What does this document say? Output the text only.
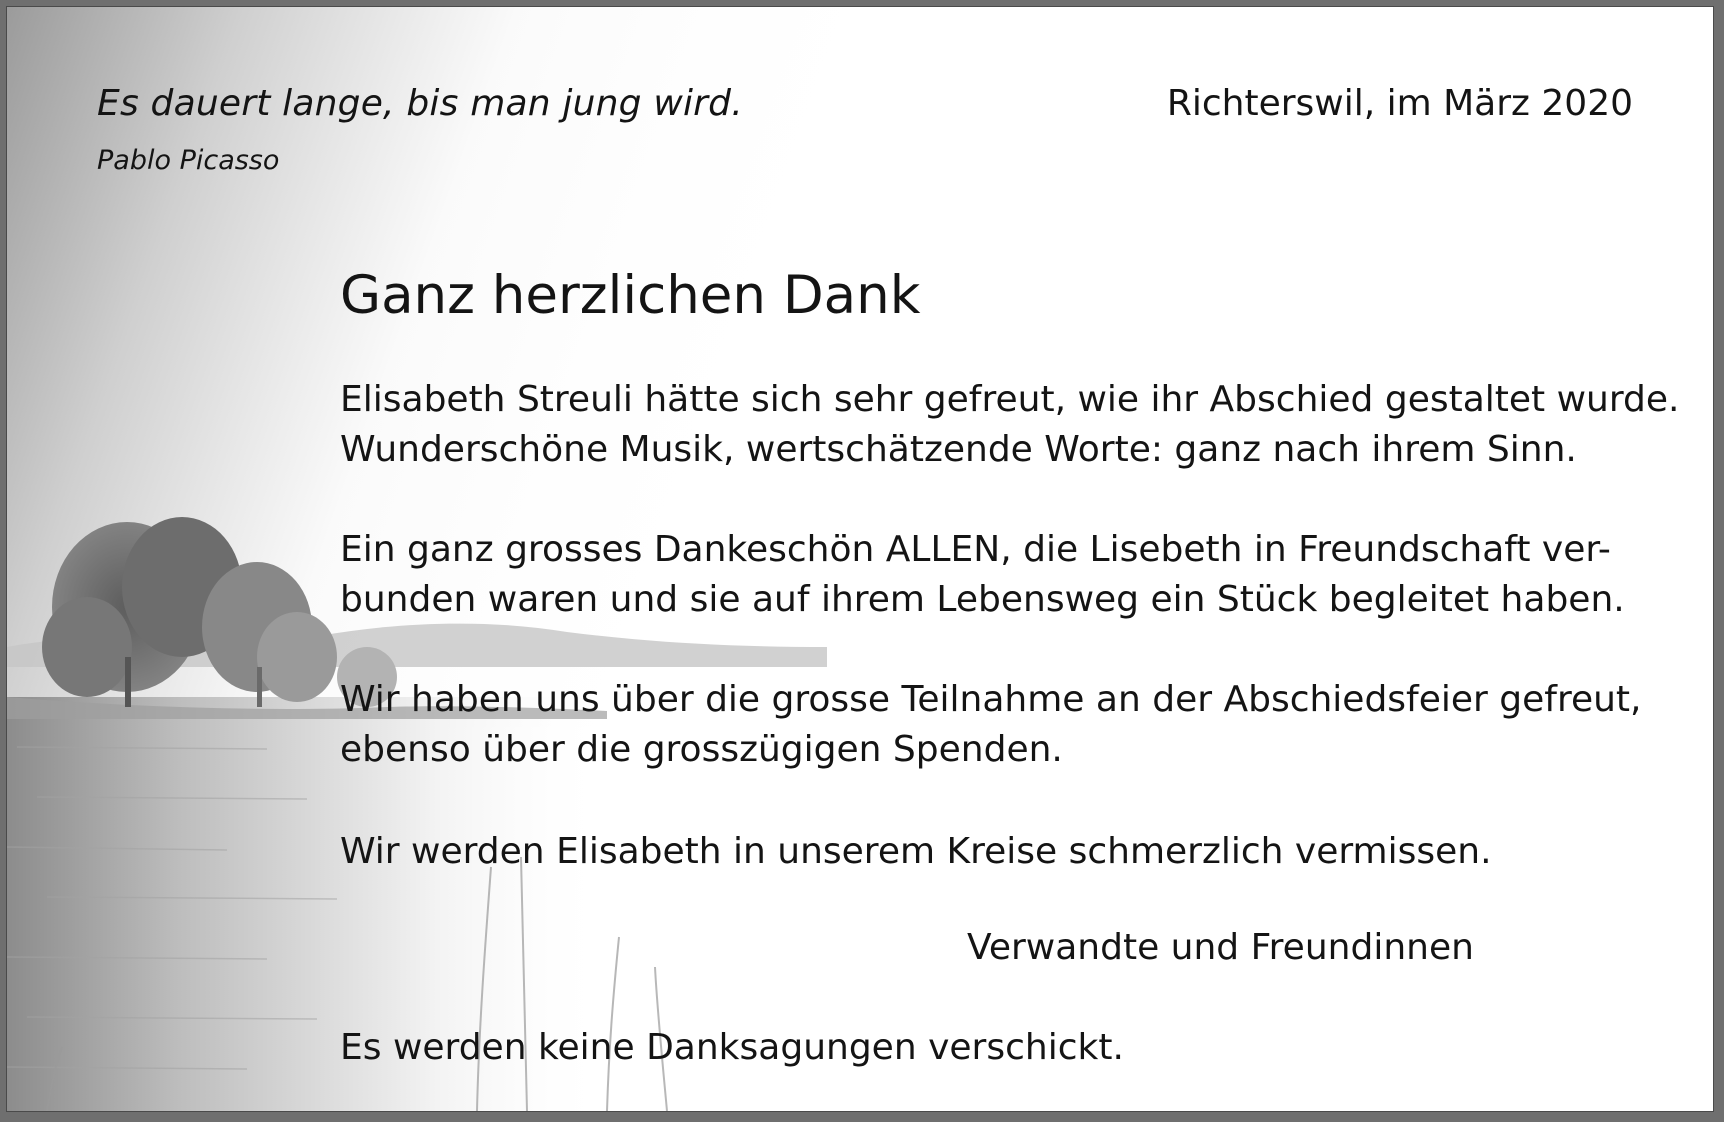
Es dauert lange, bis man jung wird.
Pablo Picasso
Richterswil, im März 2020
Ganz herzlichen Dank
Elisabeth Streuli hätte sich sehr gefreut, wie ihr Abschied gestaltet wurde.
Wunderschöne Musik, wertschätzende Worte: ganz nach ihrem Sinn.
Ein ganz grosses Dankeschön ALLEN, die Lisebeth in Freundschaft ver-
bunden waren und sie auf ihrem Lebensweg ein Stück begleitet haben.
Wir haben uns über die grosse Teilnahme an der Abschiedsfeier gefreut,
ebenso über die grosszügigen Spenden.
Wir werden Elisabeth in unserem Kreise schmerzlich vermissen.
Verwandte und Freundinnen
Es werden keine Danksagungen verschickt.
